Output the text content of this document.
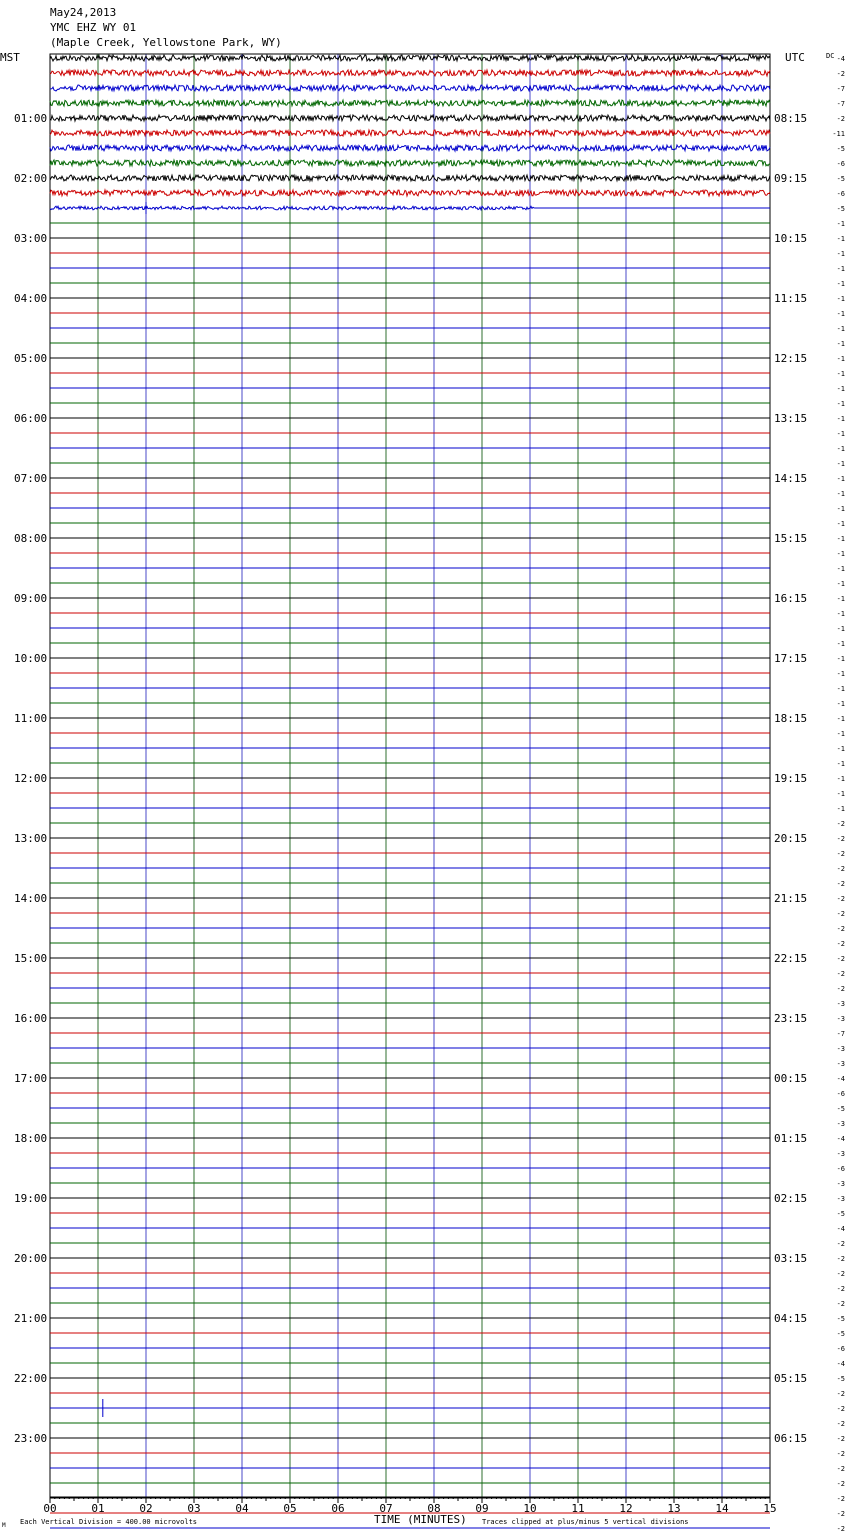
May24,2013
YMC EHZ WY 01
(Maple Creek, Yellowstone Park, WY)
MST	UTC	DC
01:00
02:00
03:00
04:00
05:00
06:00
07:00
08:00
09:00
10:00
11:00
12:00
13:00
14:00
15:00
16:00
17:00
18:00
19:00
20:00
21:00
22:00
23:00
08:15
09:15
10:15
11:15
12:15
13:15
14:15
15:15
16:15
17:15
18:15
19:15
20:15
21:15
22:15
23:15
00:15
01:15
02:15
03:15
04:15
05:15
06:15
-4
-2
-7
-7
-2
-11
-5
-6
-5
-6
-5
-1
-1
-1
-1
-1
-1
-1
-1
-1
-1
-1
-1
-1
-1
-1
-1
-1
-1
-1
-1
-1
-1
-1
-1
-1
-1
-1
-1
-1
-1
-1
-1
-1
-1
-1
-1
-1
-1
-1
-1
-2
-2
-2
-2
-2
-2
-2
-2
-2
-2
-2
-2
-3
-3
-7
-3
-3
-4
-6
-5
-3
-4
-3
-6
-3
-3
-5
-4
-2
-2
-2
-2
-2
-5
-5
-6
-4
-5
-2
-2
-2
-2
-2
-2
-2
-2
-2
-2
00	01	02	03	04	05	06	07	08	09	10	11	12	13	14	15
M Each Vertical Division = 400.00 microvolts	TIME (MINUTES) Traces clipped at plus/minus 5 vertical divisions
